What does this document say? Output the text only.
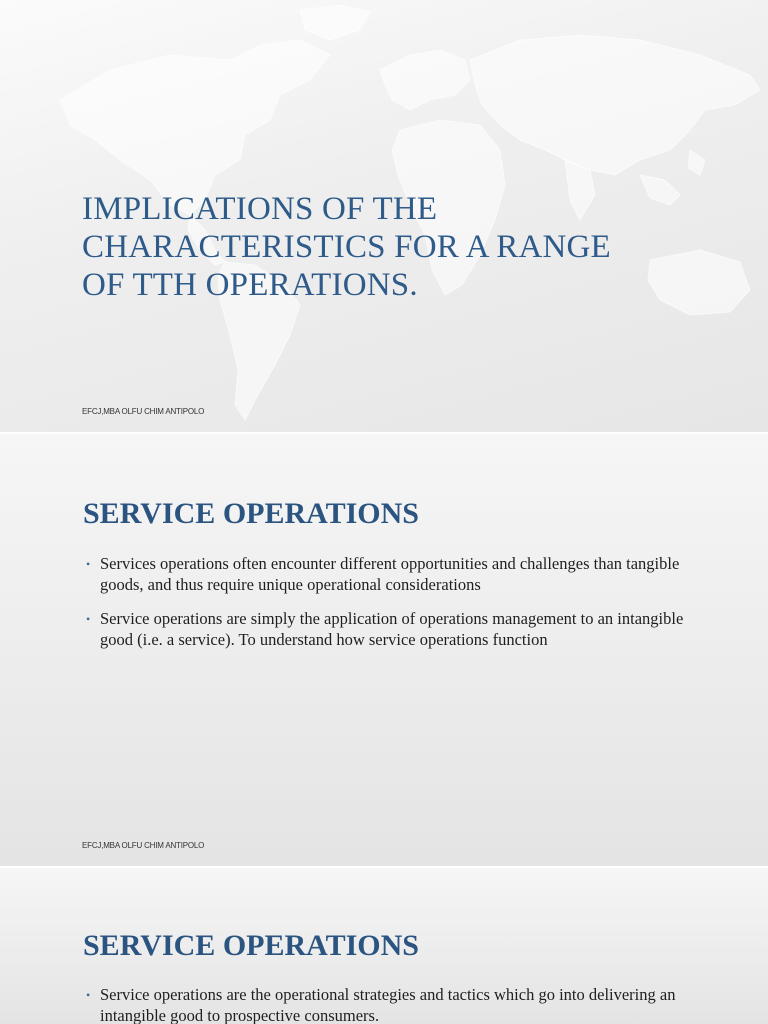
IMPLICATIONS OF THE
CHARACTERISTICS FOR A RANGE
OF TTH OPERATIONS.
EFCJ,MBA OLFU CHIM ANTIPOLO
SERVICE OPERATIONS
• Services operations often encounter different opportunities and challenges than tangible goods, and thus require unique operational considerations
• Service operations are simply the application of operations management to an intangible good (i.e. a service). To understand how service operations function
EFCJ,MBA OLFU CHIM ANTIPOLO
SERVICE OPERATIONS
• Service operations are the operational strategies and tactics which go into delivering an intangible good to prospective consumers.
